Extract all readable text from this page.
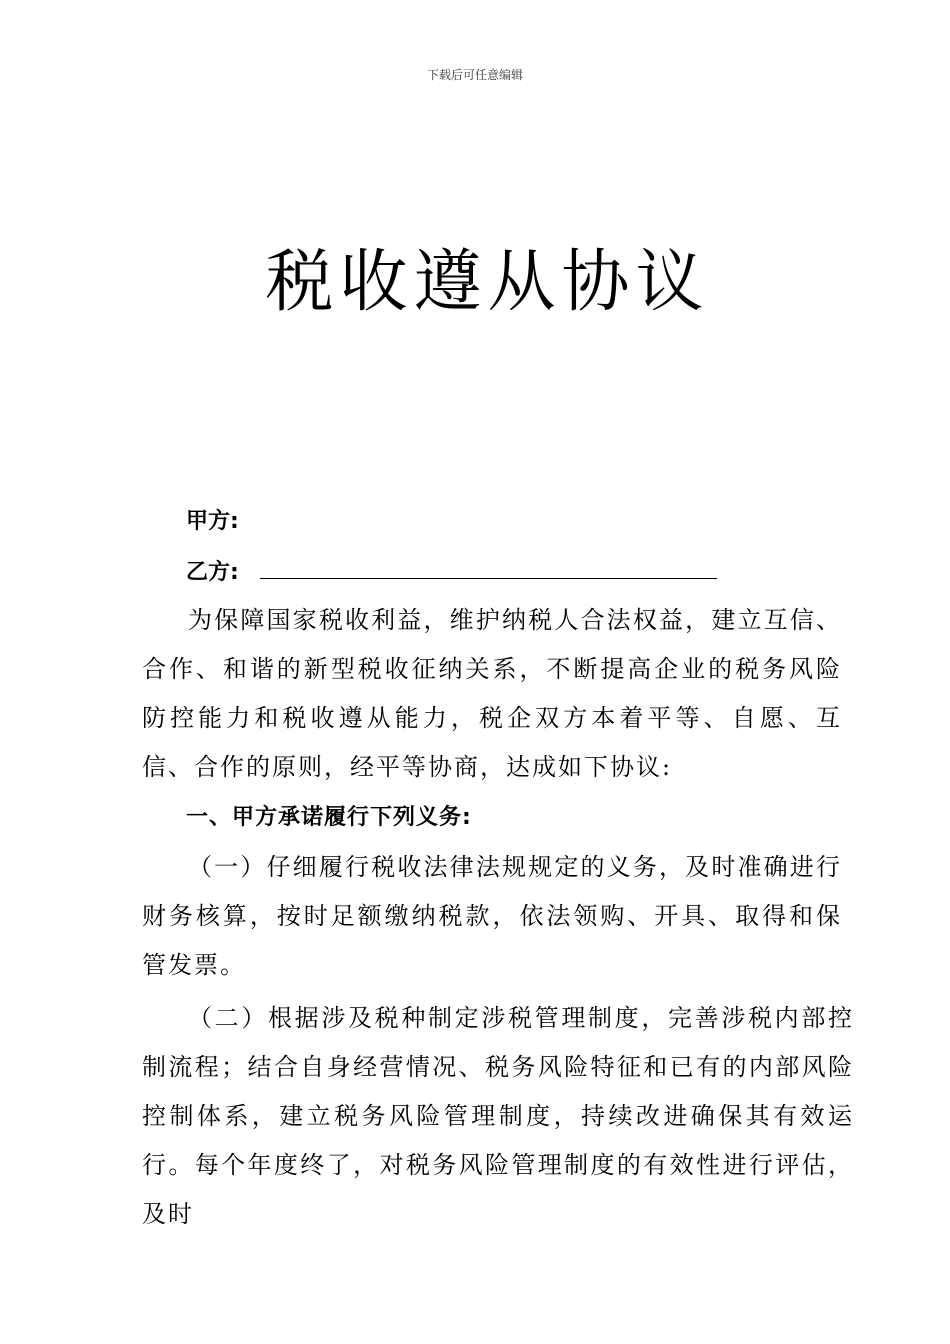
下载后可任意编辑
税收遵从协议
甲方:
乙方:

为保障国家税收利益，维护纳税人合法权益，建立互信、合作、和谐的新型税收征纳关系，不断提高企业的税务风险防控能力和税收遵从能力，税企双方本着平等、自愿、互信、合作的原则，经平等协商，达成如下协议:

一、甲方承诺履行下列义务:

（一）仔细履行税收法律法规规定的义务，及时准确进行财务核算，按时足额缴纳税款，依法领购、开具、取得和保管发票。

（二）根据涉及税种制定涉税管理制度，完善涉税内部控制流程；结合自身经营情况、税务风险特征和已有的内部风险控制体系，建立税务风险管理制度，持续改进确保其有效运行。每个年度终了，对税务风险管理制度的有效性进行评估，及时
